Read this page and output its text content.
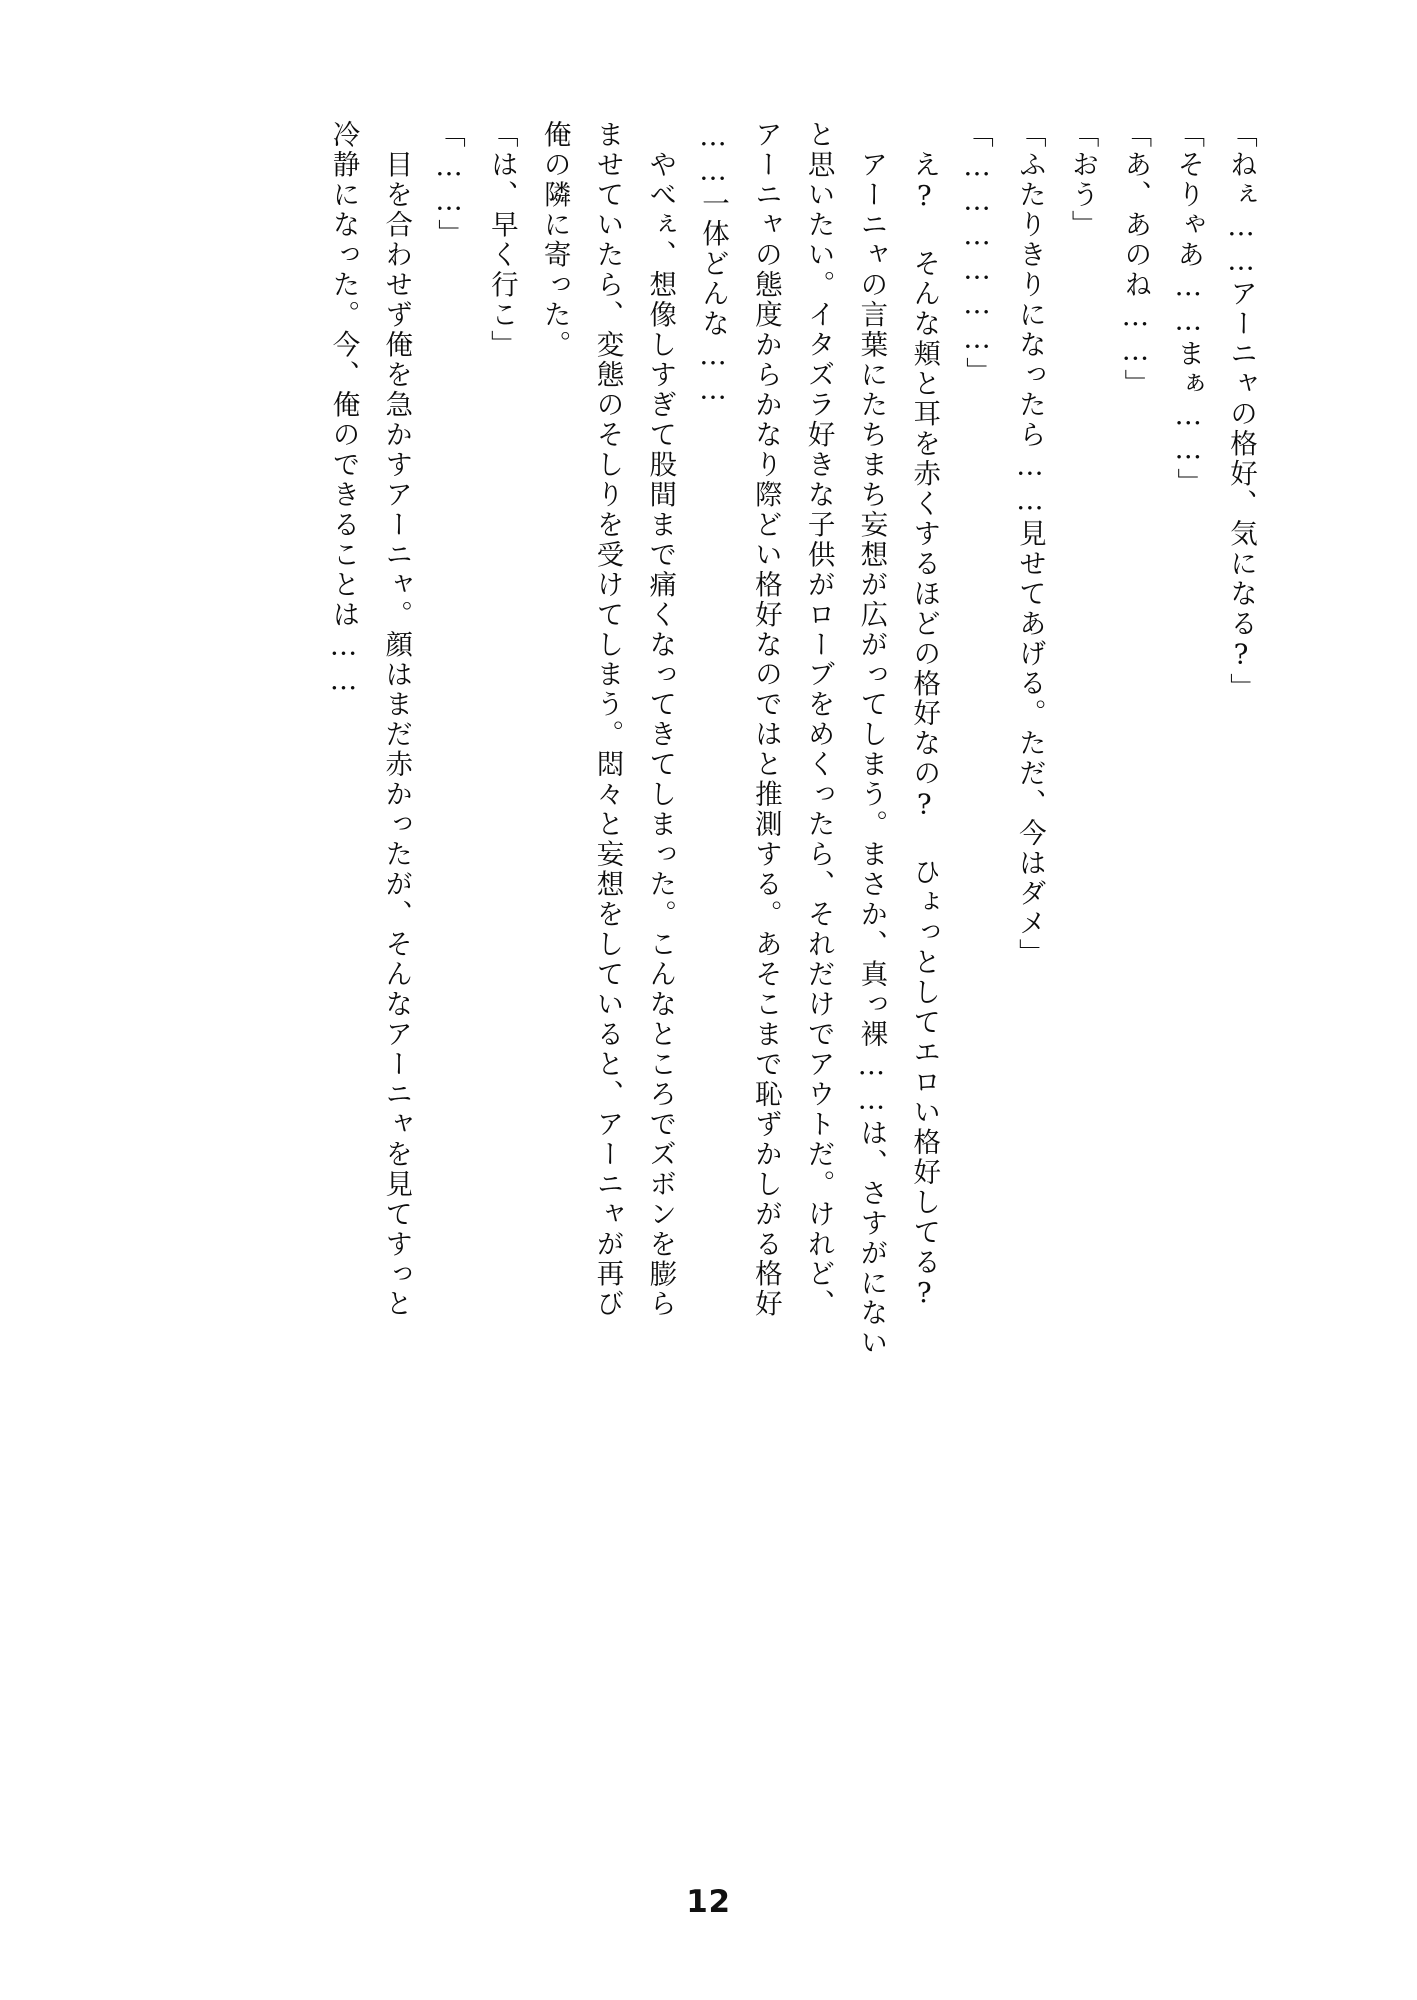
「ねぇ……アーニャの格好、気になる?」
「そりゃあ……まぁ……」
「あ、あのね……」
「おう」
「ふたりきりになったら……見せてあげる。ただ、今はダメ」
「………………」
え? そんな頬と耳を赤くするほどの格好なの? ひょっとしてエロい格好してる?
アーニャの言葉にたちまち妄想が広がってしまう。まさか、真っ裸……は、さすがにない
と思いたい。イタズラ好きな子供がローブをめくったら、それだけでアウトだ。けれど、
アーニャの態度からかなり際どい格好なのではと推測する。あそこまで恥ずかしがる格好
……一体どんな……
やべぇ、想像しすぎて股間まで痛くなってきてしまった。こんなところでズボンを膨ら
ませていたら、変態のそしりを受けてしまう。悶々と妄想をしていると、アーニャが再び
俺の隣に寄った。
「は、早く行こ」
「……」
目を合わせず俺を急かすアーニャ。顔はまだ赤かったが、そんなアーニャを見てすっと
冷静になった。今、俺のできることは……
12
